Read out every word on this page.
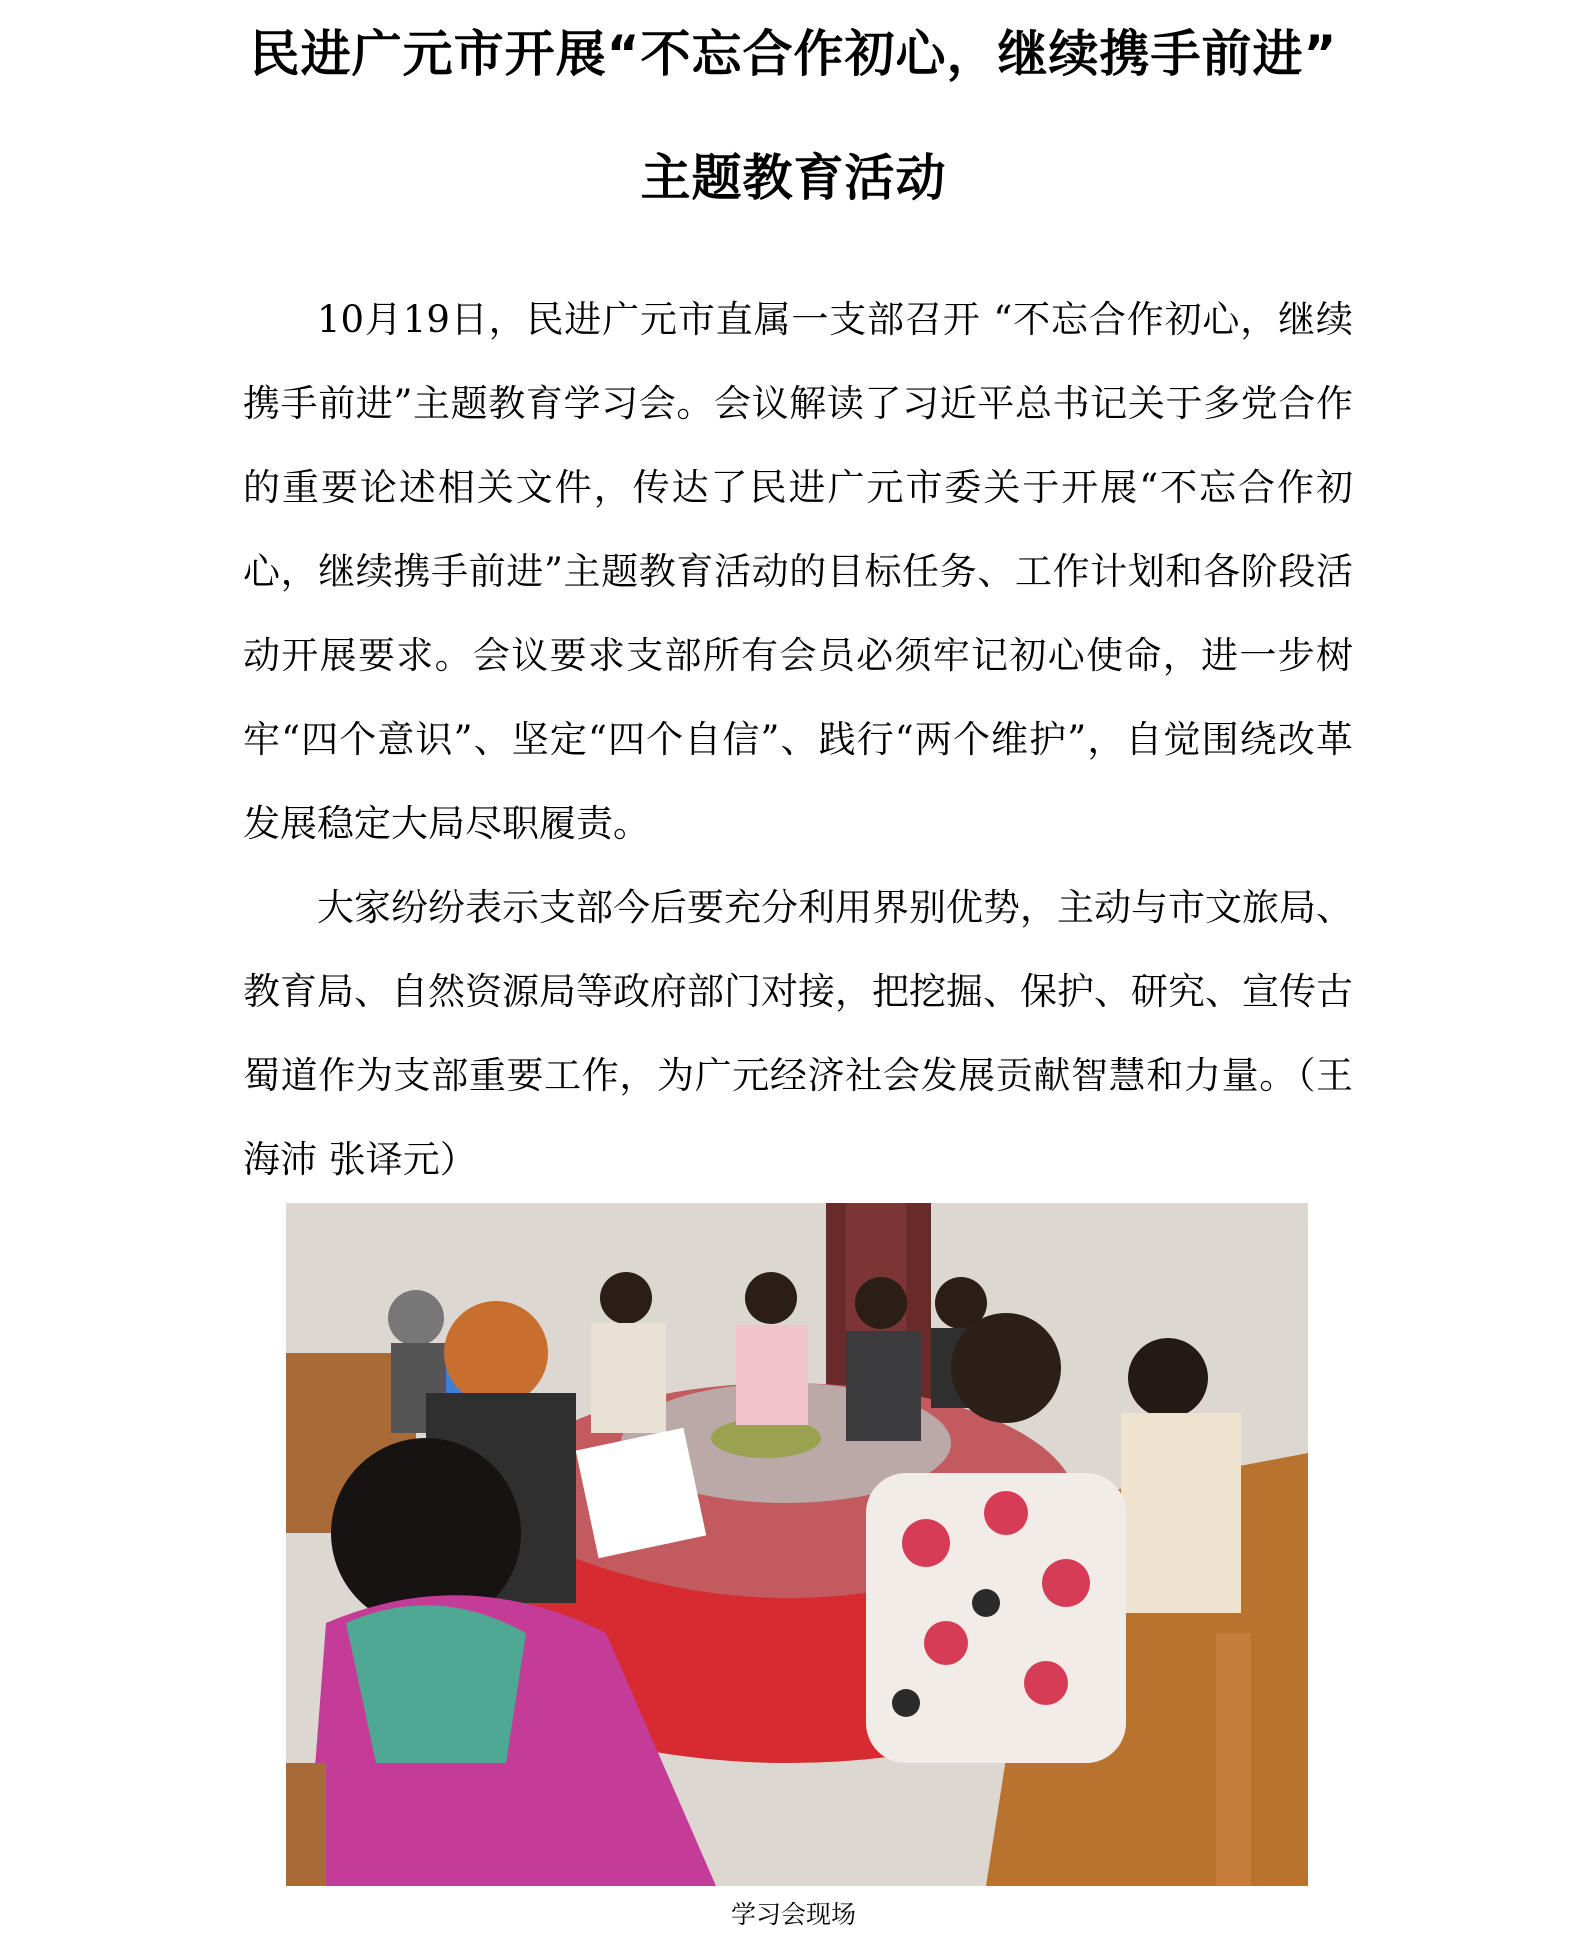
民进广元市开展“不忘合作初心，继续携手前进”
主题教育活动

10月19日，民进广元市直属一支部召开 “不忘合作初心，继续携手前进”主题教育学习会。会议解读了习近平总书记关于多党合作的重要论述相关文件，传达了民进广元市委关于开展“不忘合作初心，继续携手前进”主题教育活动的目标任务、工作计划和各阶段活动开展要求。会议要求支部所有会员必须牢记初心使命，进一步树牢“四个意识”、坚定“四个自信”、践行“两个维护”，自觉围绕改革发展稳定大局尽职履责。

大家纷纷表示支部今后要充分利用界别优势，主动与市文旅局、教育局、自然资源局等政府部门对接，把挖掘、保护、研究、宣传古蜀道作为支部重要工作，为广元经济社会发展贡献智慧和力量。（王海沛 张译元）

学习会现场
